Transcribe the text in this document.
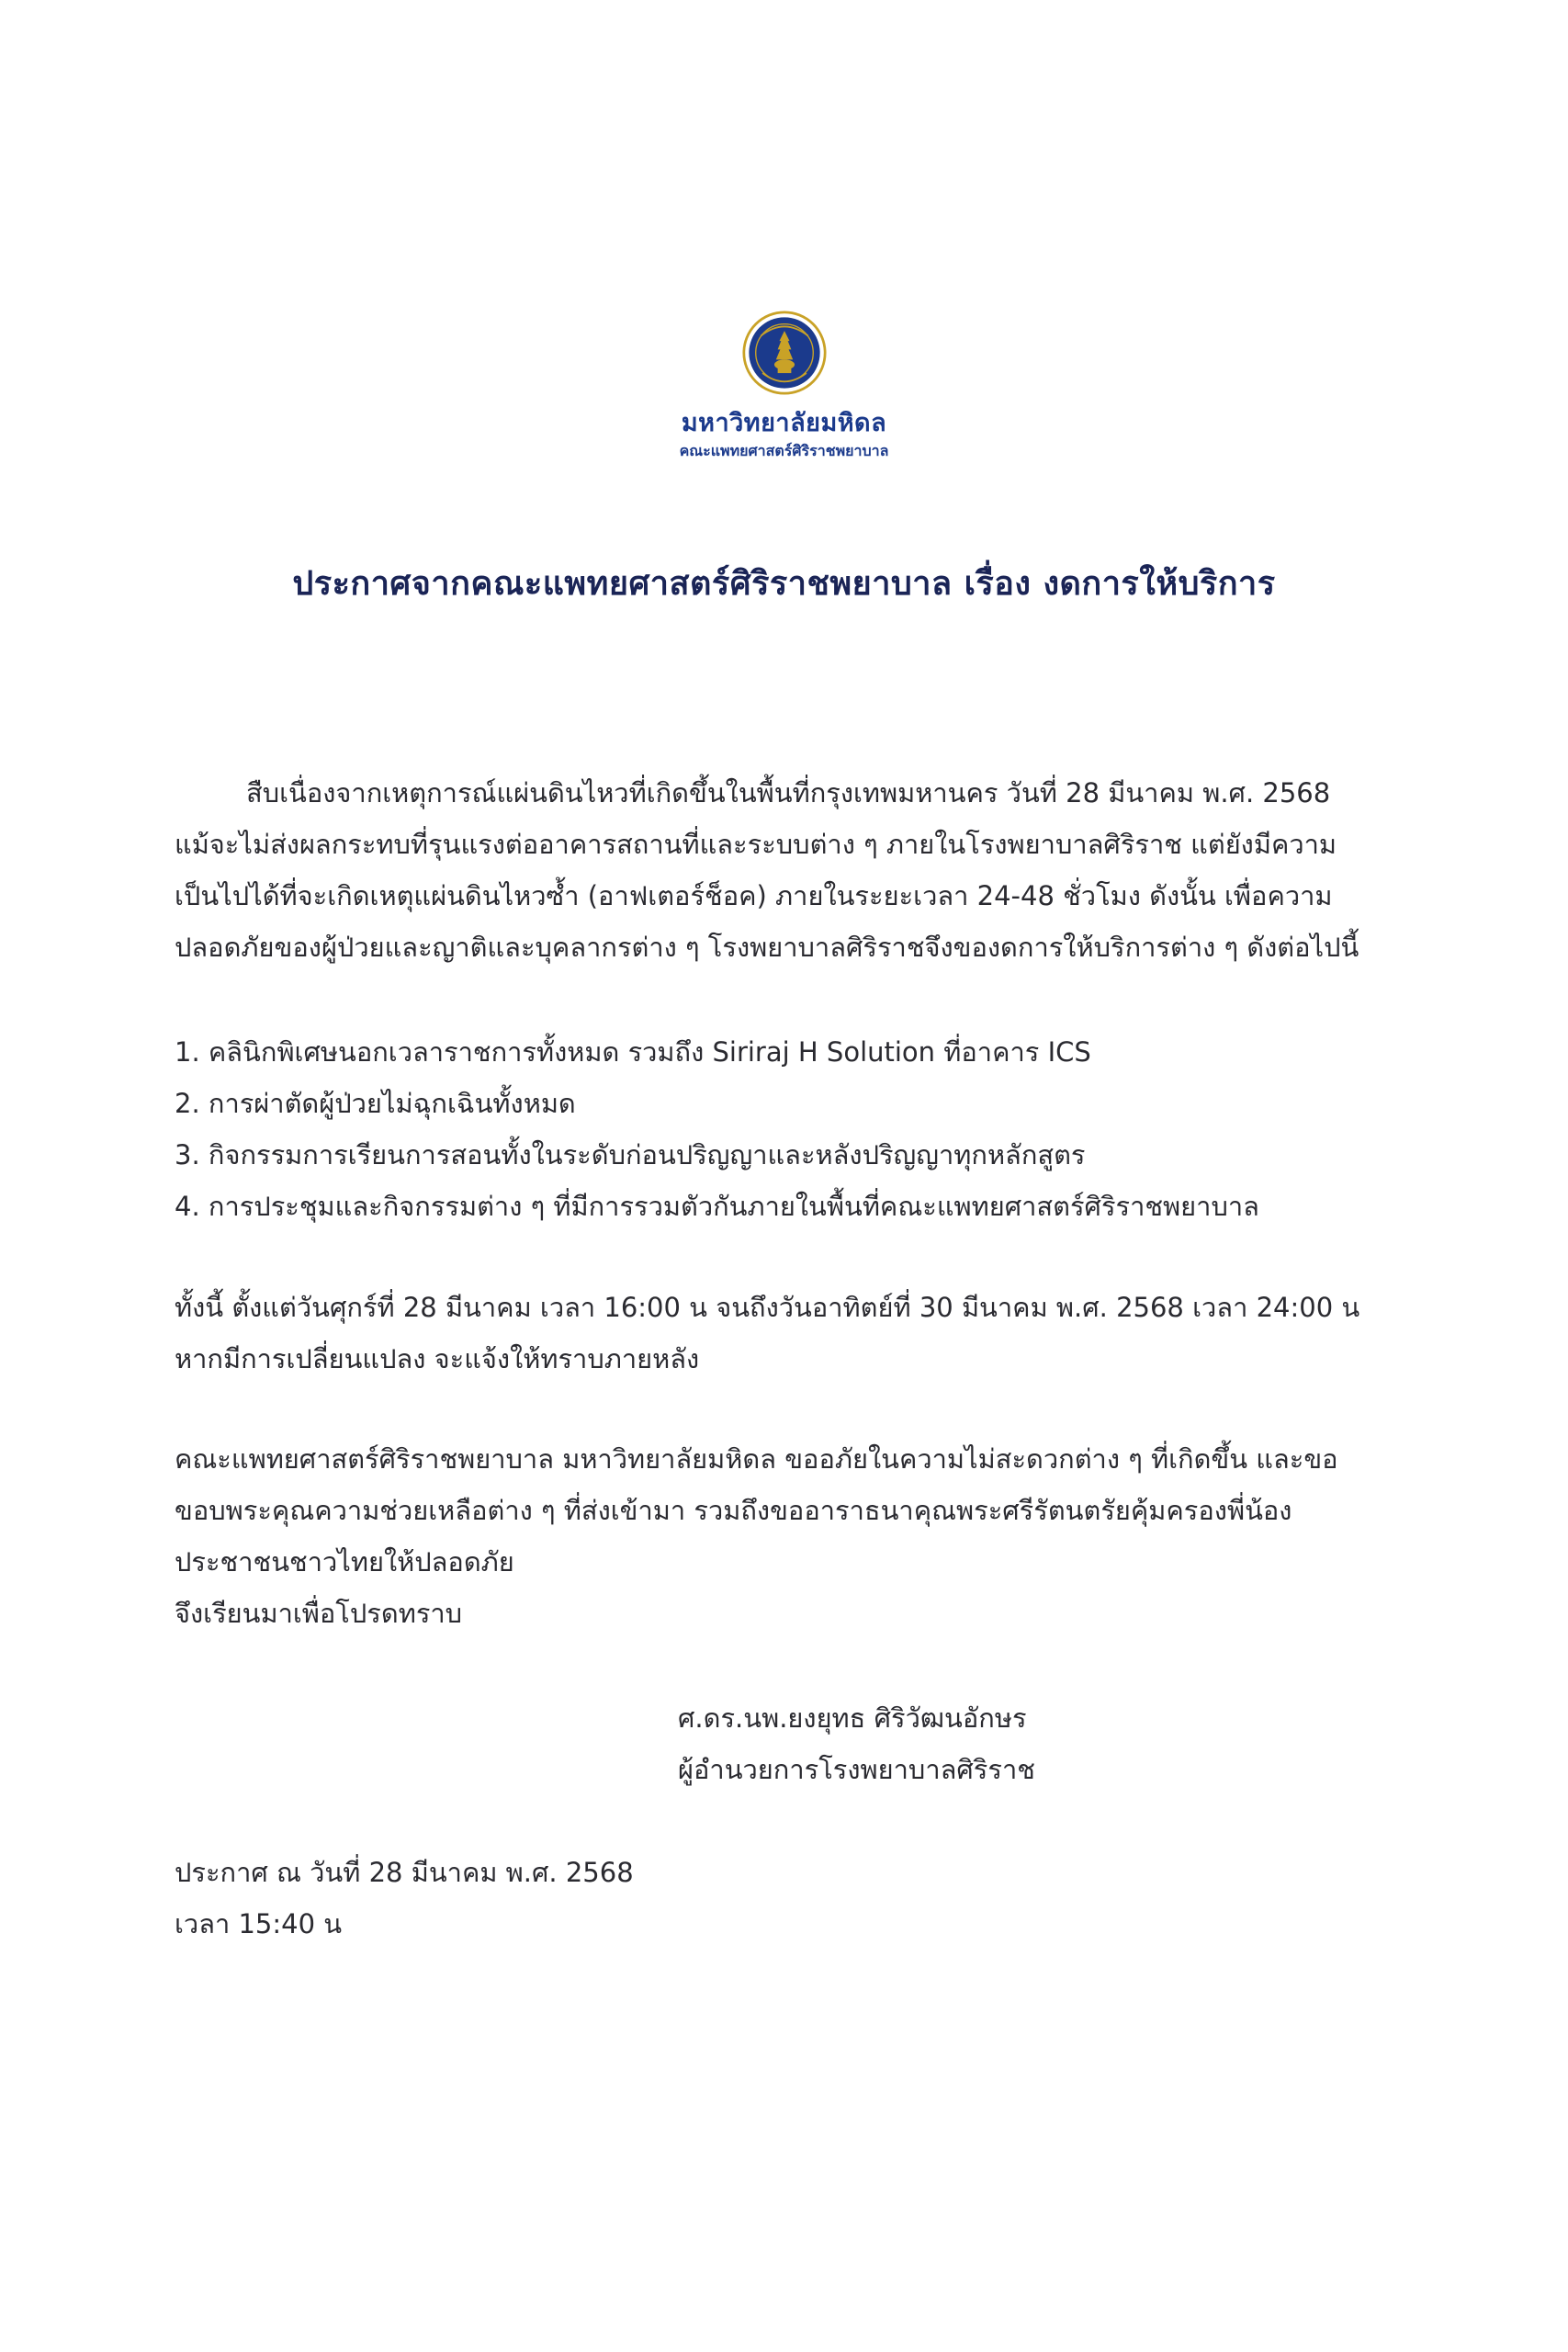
มหาวิทยาลัยมหิดล
คณะแพทยศาสตร์ศิริราชพยาบาล
ประกาศจากคณะแพทยศาสตร์ศิริราชพยาบาล เรื่อง งดการให้บริการ

สืบเนื่องจากเหตุการณ์แผ่นดินไหวที่เกิดขึ้นในพื้นที่กรุงเทพมหานคร วันที่ 28 มีนาคม พ.ศ. 2568

แม้จะไม่ส่งผลกระทบที่รุนแรงต่ออาคารสถานที่และระบบต่าง ๆ ภายในโรงพยาบาลศิริราช แต่ยังมีความ

เป็นไปได้ที่จะเกิดเหตุแผ่นดินไหวซ้ำ (อาฟเตอร์ช็อค) ภายในระยะเวลา 24-48 ชั่วโมง ดังนั้น เพื่อความ

ปลอดภัยของผู้ป่วยและญาติและบุคลากรต่าง ๆ โรงพยาบาลศิริราชจึงของดการให้บริการต่าง ๆ ดังต่อไปนี้

1. คลินิกพิเศษนอกเวลาราชการทั้งหมด รวมถึง Siriraj H Solution ที่อาคาร ICS

2. การผ่าตัดผู้ป่วยไม่ฉุกเฉินทั้งหมด

3. กิจกรรมการเรียนการสอนทั้งในระดับก่อนปริญญาและหลังปริญญาทุกหลักสูตร

4. การประชุมและกิจกรรมต่าง ๆ ที่มีการรวมตัวกันภายในพื้นที่คณะแพทยศาสตร์ศิริราชพยาบาล

ทั้งนี้ ตั้งแต่วันศุกร์ที่ 28 มีนาคม เวลา 16:00 น จนถึงวันอาทิตย์ที่ 30 มีนาคม พ.ศ. 2568 เวลา 24:00 น

หากมีการเปลี่ยนแปลง จะแจ้งให้ทราบภายหลัง

คณะแพทยศาสตร์ศิริราชพยาบาล มหาวิทยาลัยมหิดล ขออภัยในความไม่สะดวกต่าง ๆ ที่เกิดขึ้น และขอ

ขอบพระคุณความช่วยเหลือต่าง ๆ ที่ส่งเข้ามา รวมถึงขออาราธนาคุณพระศรีรัตนตรัยคุ้มครองพี่น้อง

ประชาชนชาวไทยให้ปลอดภัย

จึงเรียนมาเพื่อโปรดทราบ

ศ.ดร.นพ.ยงยุทธ ศิริวัฒนอักษร

ผู้อำนวยการโรงพยาบาลศิริราช

ประกาศ ณ วันที่ 28 มีนาคม พ.ศ. 2568

เวลา 15:40 น
